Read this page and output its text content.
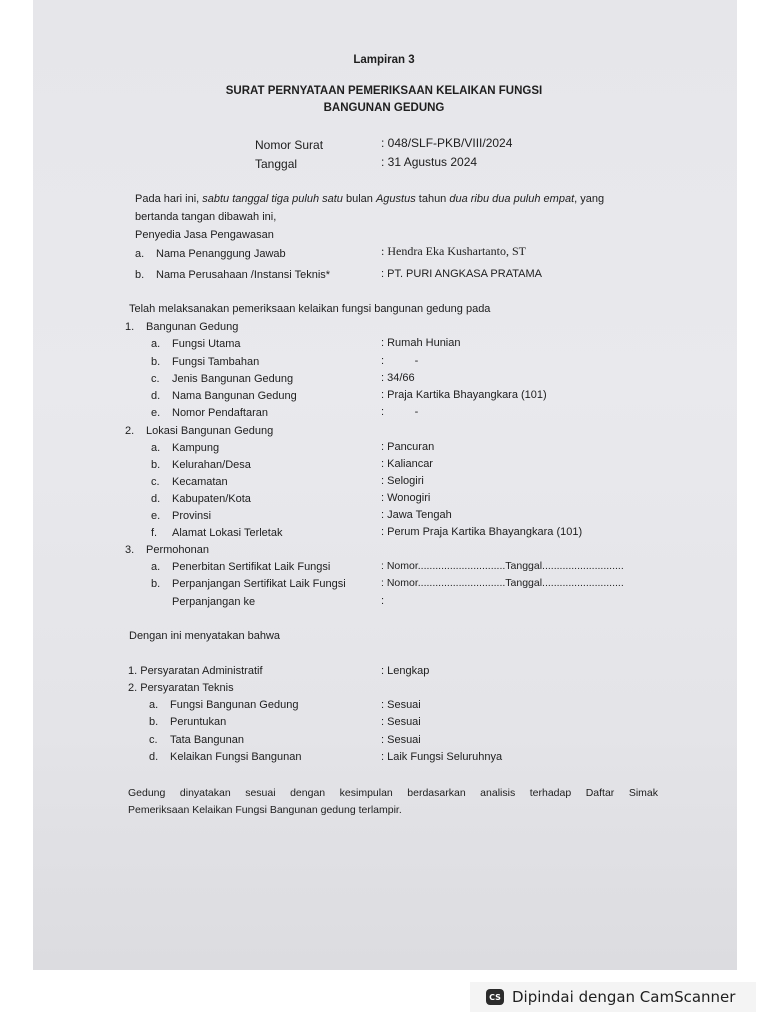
Lampiran 3
SURAT PERNYATAAN PEMERIKSAAN KELAIKAN FUNGSI
BANGUNAN GEDUNG
Nomor Surat	: 048/SLF-PKB/VIII/2024
Tanggal	: 31 Agustus 2024
Pada hari ini, sabtu tanggal tiga puluh satu bulan Agustus tahun dua ribu dua puluh empat, yang
bertanda tangan dibawah ini,
Penyedia Jasa Pengawasan
a. Nama Penanggung Jawab	: Hendra Eka Kushartanto, ST
b. Nama Perusahaan /Instansi Teknis*	: PT. PURI ANGKASA PRATAMA
Telah melaksanakan pemeriksaan kelaikan fungsi bangunan gedung pada
1. Bangunan Gedung
a. Fungsi Utama	: Rumah Hunian
b. Fungsi Tambahan	:          -
c. Jenis Bangunan Gedung	: 34/66
d. Nama Bangunan Gedung	: Praja Kartika Bhayangkara (101)
e. Nomor Pendaftaran	:          -
2. Lokasi Bangunan Gedung
a. Kampung	: Pancuran
b. Kelurahan/Desa	: Kaliancar
c. Kecamatan	: Selogiri
d. Kabupaten/Kota	: Wonogiri
e. Provinsi	: Jawa Tengah
f. Alamat Lokasi Terletak	: Perum Praja Kartika Bhayangkara (101)
3. Permohonan
a. Penerbitan Sertifikat Laik Fungsi	: Nomor..............................Tanggal............................
b. Perpanjangan Sertifikat Laik Fungsi	: Nomor..............................Tanggal............................
Perpanjangan ke	:
Dengan ini menyatakan bahwa
1. Persyaratan Administratif	: Lengkap
2. Persyaratan Teknis
a. Fungsi Bangunan Gedung	: Sesuai
b. Peruntukan	: Sesuai
c. Tata Bangunan	: Sesuai
d. Kelaikan Fungsi Bangunan	: Laik Fungsi Seluruhnya
Gedung dinyatakan sesuai dengan kesimpulan berdasarkan analisis terhadap Daftar Simak
Pemeriksaan Kelaikan Fungsi Bangunan gedung terlampir.
CS Dipindai dengan CamScanner
